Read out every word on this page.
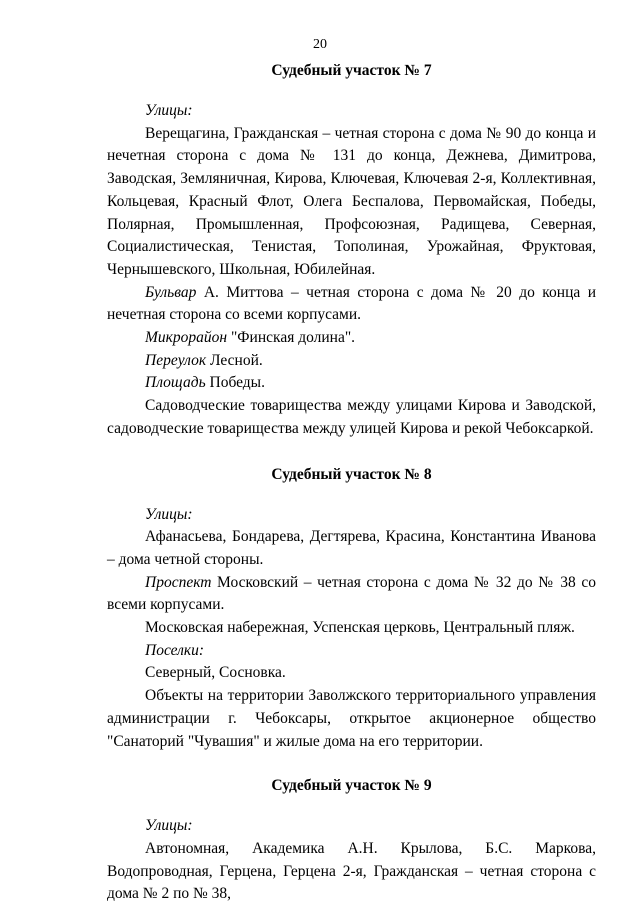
20

Судебный участок № 7

Улицы:

Верещагина, Гражданская – четная сторона с дома № 90 до конца и нечетная сторона с дома № 131 до конца, Дежнева, Димитрова, Заводская, Земляничная, Кирова, Ключевая, Ключевая 2-я, Коллективная, Кольцевая, Красный Флот, Олега Беспалова, Первомайская, Победы, Полярная, Промышленная, Профсоюзная, Радищева, Северная, Социалистическая, Тенистая, Тополиная, Урожайная, Фруктовая, Чернышевского, Школьная, Юбилейная.

Бульвар А. Миттова – четная сторона с дома № 20 до конца и нечетная сторона со всеми корпусами.

Микрорайон "Финская долина".

Переулок Лесной.

Площадь Победы.

Садоводческие товарищества между улицами Кирова и Заводской, садоводческие товарищества между улицей Кирова и рекой Чебоксаркой.

Судебный участок № 8

Улицы:

Афанасьева, Бондарева, Дегтярева, Красина, Константина Иванова – дома четной стороны.

Проспект Московский – четная сторона с дома № 32 до № 38 со всеми корпусами.

Московская набережная, Успенская церковь, Центральный пляж.

Поселки:

Северный, Сосновка.

Объекты на территории Заволжского территориального управления администрации г. Чебоксары, открытое акционерное общество "Санаторий "Чувашия" и жилые дома на его территории.

Судебный участок № 9

Улицы:

Автономная, Академика А.Н. Крылова, Б.С. Маркова, Водопроводная, Герцена, Герцена 2-я, Гражданская – четная сторона с дома № 2 по № 38,
